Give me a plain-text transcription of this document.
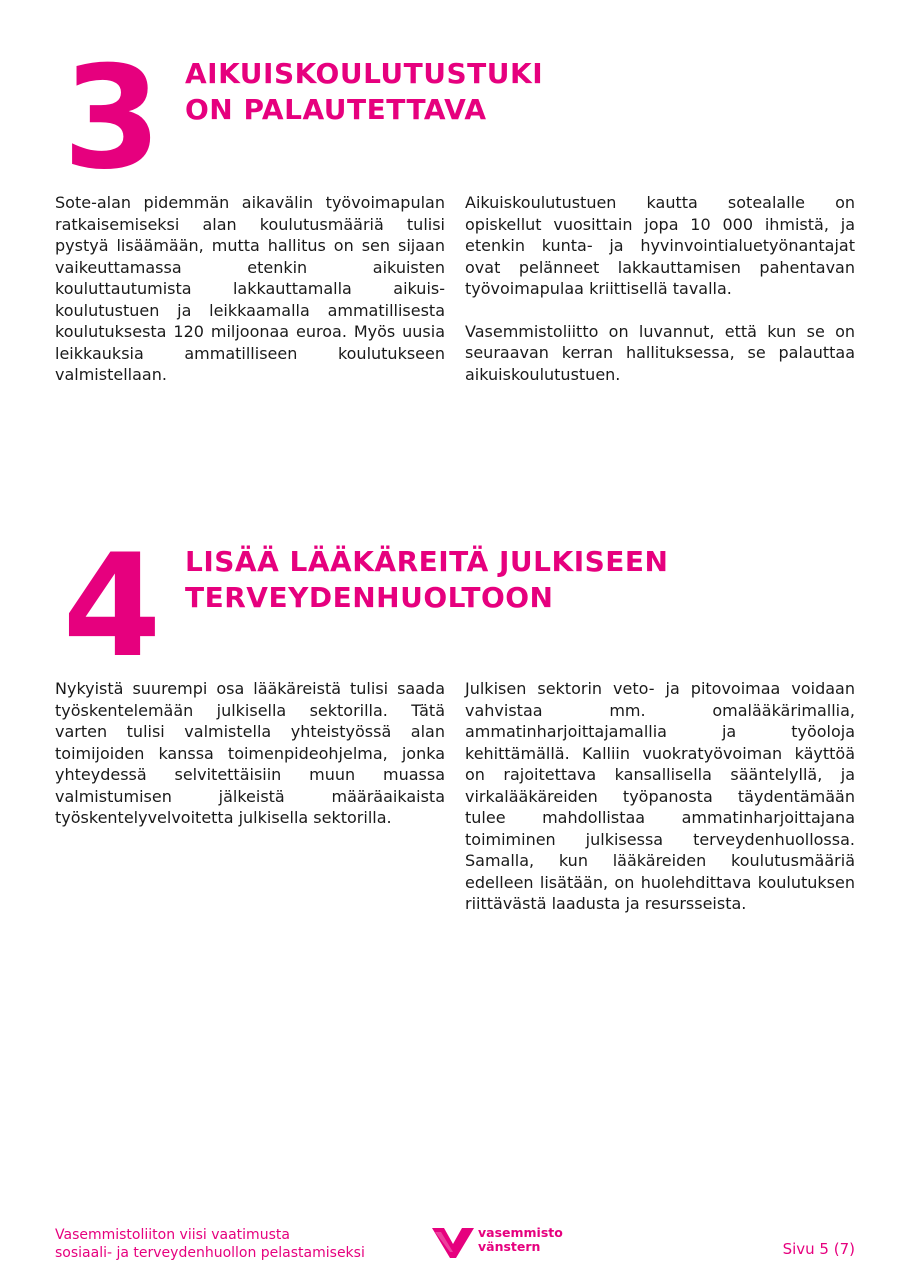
3 AIKUISKOULUTUSTUKI
ON PALAUTETTAVA

Sote-alan pidemmän aikavälin työvoimapulan ratkaisemiseksi alan koulutusmääriä tulisi pystyä lisäämään, mutta hallitus on sen sijaan vaikeuttamassa etenkin aikuisten kouluttautumista lakkauttamalla aikuiskoulutustuen ja leikkaamalla ammatillisesta koulutuksesta 120 miljoonaa euroa. Myös uusia leikkauksia ammatilliseen koulutukseen valmistellaan.

Aikuiskoulutustuen kautta sotealalle on opiskellut vuosittain jopa 10 000 ihmistä, ja etenkin kunta- ja hyvinvointialuetyönantajat ovat pelänneet lakkauttamisen pahentavan työvoimapulaa kriittisellä tavalla.

Vasemmistoliitto on luvannut, että kun se on seuraavan kerran hallituksessa, se palauttaa aikuiskoulutustuen.

4 LISÄÄ LÄÄKÄREITÄ JULKISEEN
TERVEYDENHUOLTOON

Nykyistä suurempi osa lääkäreistä tulisi saada työskentelemään julkisella sektorilla. Tätä varten tulisi valmistella yhteistyössä alan toimijoiden kanssa toimenpideohjelma, jonka yhteydessä selvitettäisiin muun muassa valmistumisen jälkeistä määräaikaista työskentelyvelvoitetta julkisella sektorilla.

Julkisen sektorin veto- ja pitovoimaa voidaan vahvistaa mm. omalääkärimallia, ammatinharjoittajamallia ja työoloja kehittämällä. Kalliin vuokratyövoiman käyttöä on rajoitettava kansallisella sääntelyllä, ja virkalääkäreiden työpanosta täydentämään tulee mahdollistaa ammatinharjoittajana toimiminen julkisessa terveydenhuollossa. Samalla, kun lääkäreiden koulutusmääriä edelleen lisätään, on huolehdittava koulutuksen riittävästä laadusta ja resursseista.

Vasemmistoliiton viisi vaatimusta
sosiaali- ja terveydenhuollon pelastamiseksi
vasemmisto
vänstern	Sivu 5 (7)
